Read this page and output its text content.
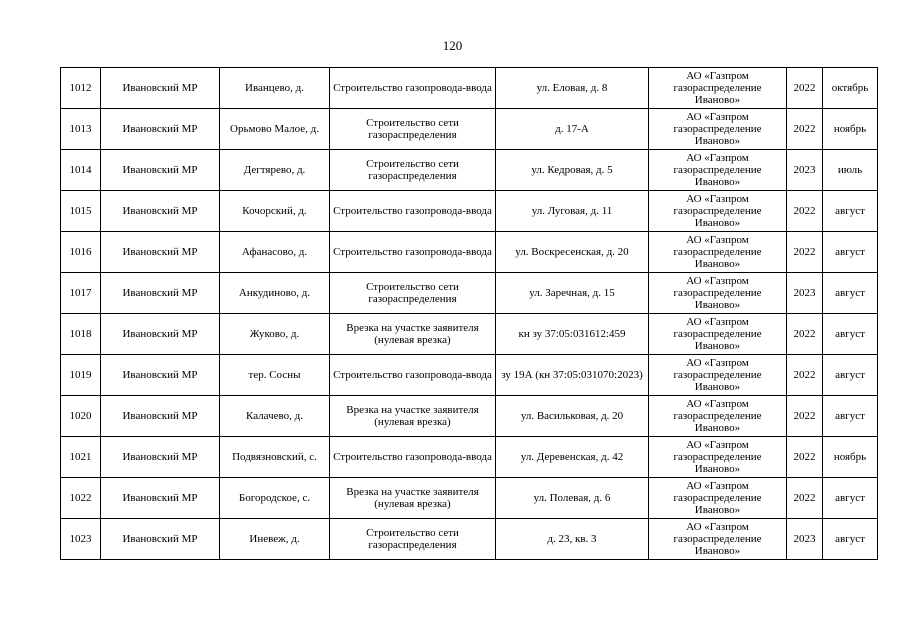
120
1012	Ивановский МР	Иванцево, д.	Строительство газопровода-ввода	ул. Еловая, д. 8	АО «Газпром газораспределение Иваново»	2022	октябрь
1013	Ивановский МР	Орьмово Малое, д.	Строительство сети газораспределения	д. 17-А	АО «Газпром газораспределение Иваново»	2022	ноябрь
1014	Ивановский МР	Дегтярево, д.	Строительство сети газораспределения	ул. Кедровая, д. 5	АО «Газпром газораспределение Иваново»	2023	июль
1015	Ивановский МР	Кочорский, д.	Строительство газопровода-ввода	ул. Луговая, д. 11	АО «Газпром газораспределение Иваново»	2022	август
1016	Ивановский МР	Афанасово, д.	Строительство газопровода-ввода	ул. Воскресенская, д. 20	АО «Газпром газораспределение Иваново»	2022	август
1017	Ивановский МР	Анкудиново, д.	Строительство сети газораспределения	ул. Заречная, д. 15	АО «Газпром газораспределение Иваново»	2023	август
1018	Ивановский МР	Жуково, д.	Врезка на участке заявителя (нулевая врезка)	кн зу 37:05:031612:459	АО «Газпром газораспределение Иваново»	2022	август
1019	Ивановский МР	тер. Сосны	Строительство газопровода-ввода	зу 19А (кн 37:05:031070:2023)	АО «Газпром газораспределение Иваново»	2022	август
1020	Ивановский МР	Калачево, д.	Врезка на участке заявителя (нулевая врезка)	ул. Васильковая, д. 20	АО «Газпром газораспределение Иваново»	2022	август
1021	Ивановский МР	Подвязновский, с.	Строительство газопровода-ввода	ул. Деревенская, д. 42	АО «Газпром газораспределение Иваново»	2022	ноябрь
1022	Ивановский МР	Богородское, с.	Врезка на участке заявителя (нулевая врезка)	ул. Полевая, д. 6	АО «Газпром газораспределение Иваново»	2022	август
1023	Ивановский МР	Иневеж, д.	Строительство сети газораспределения	д. 23, кв. 3	АО «Газпром газораспределение Иваново»	2023	август
